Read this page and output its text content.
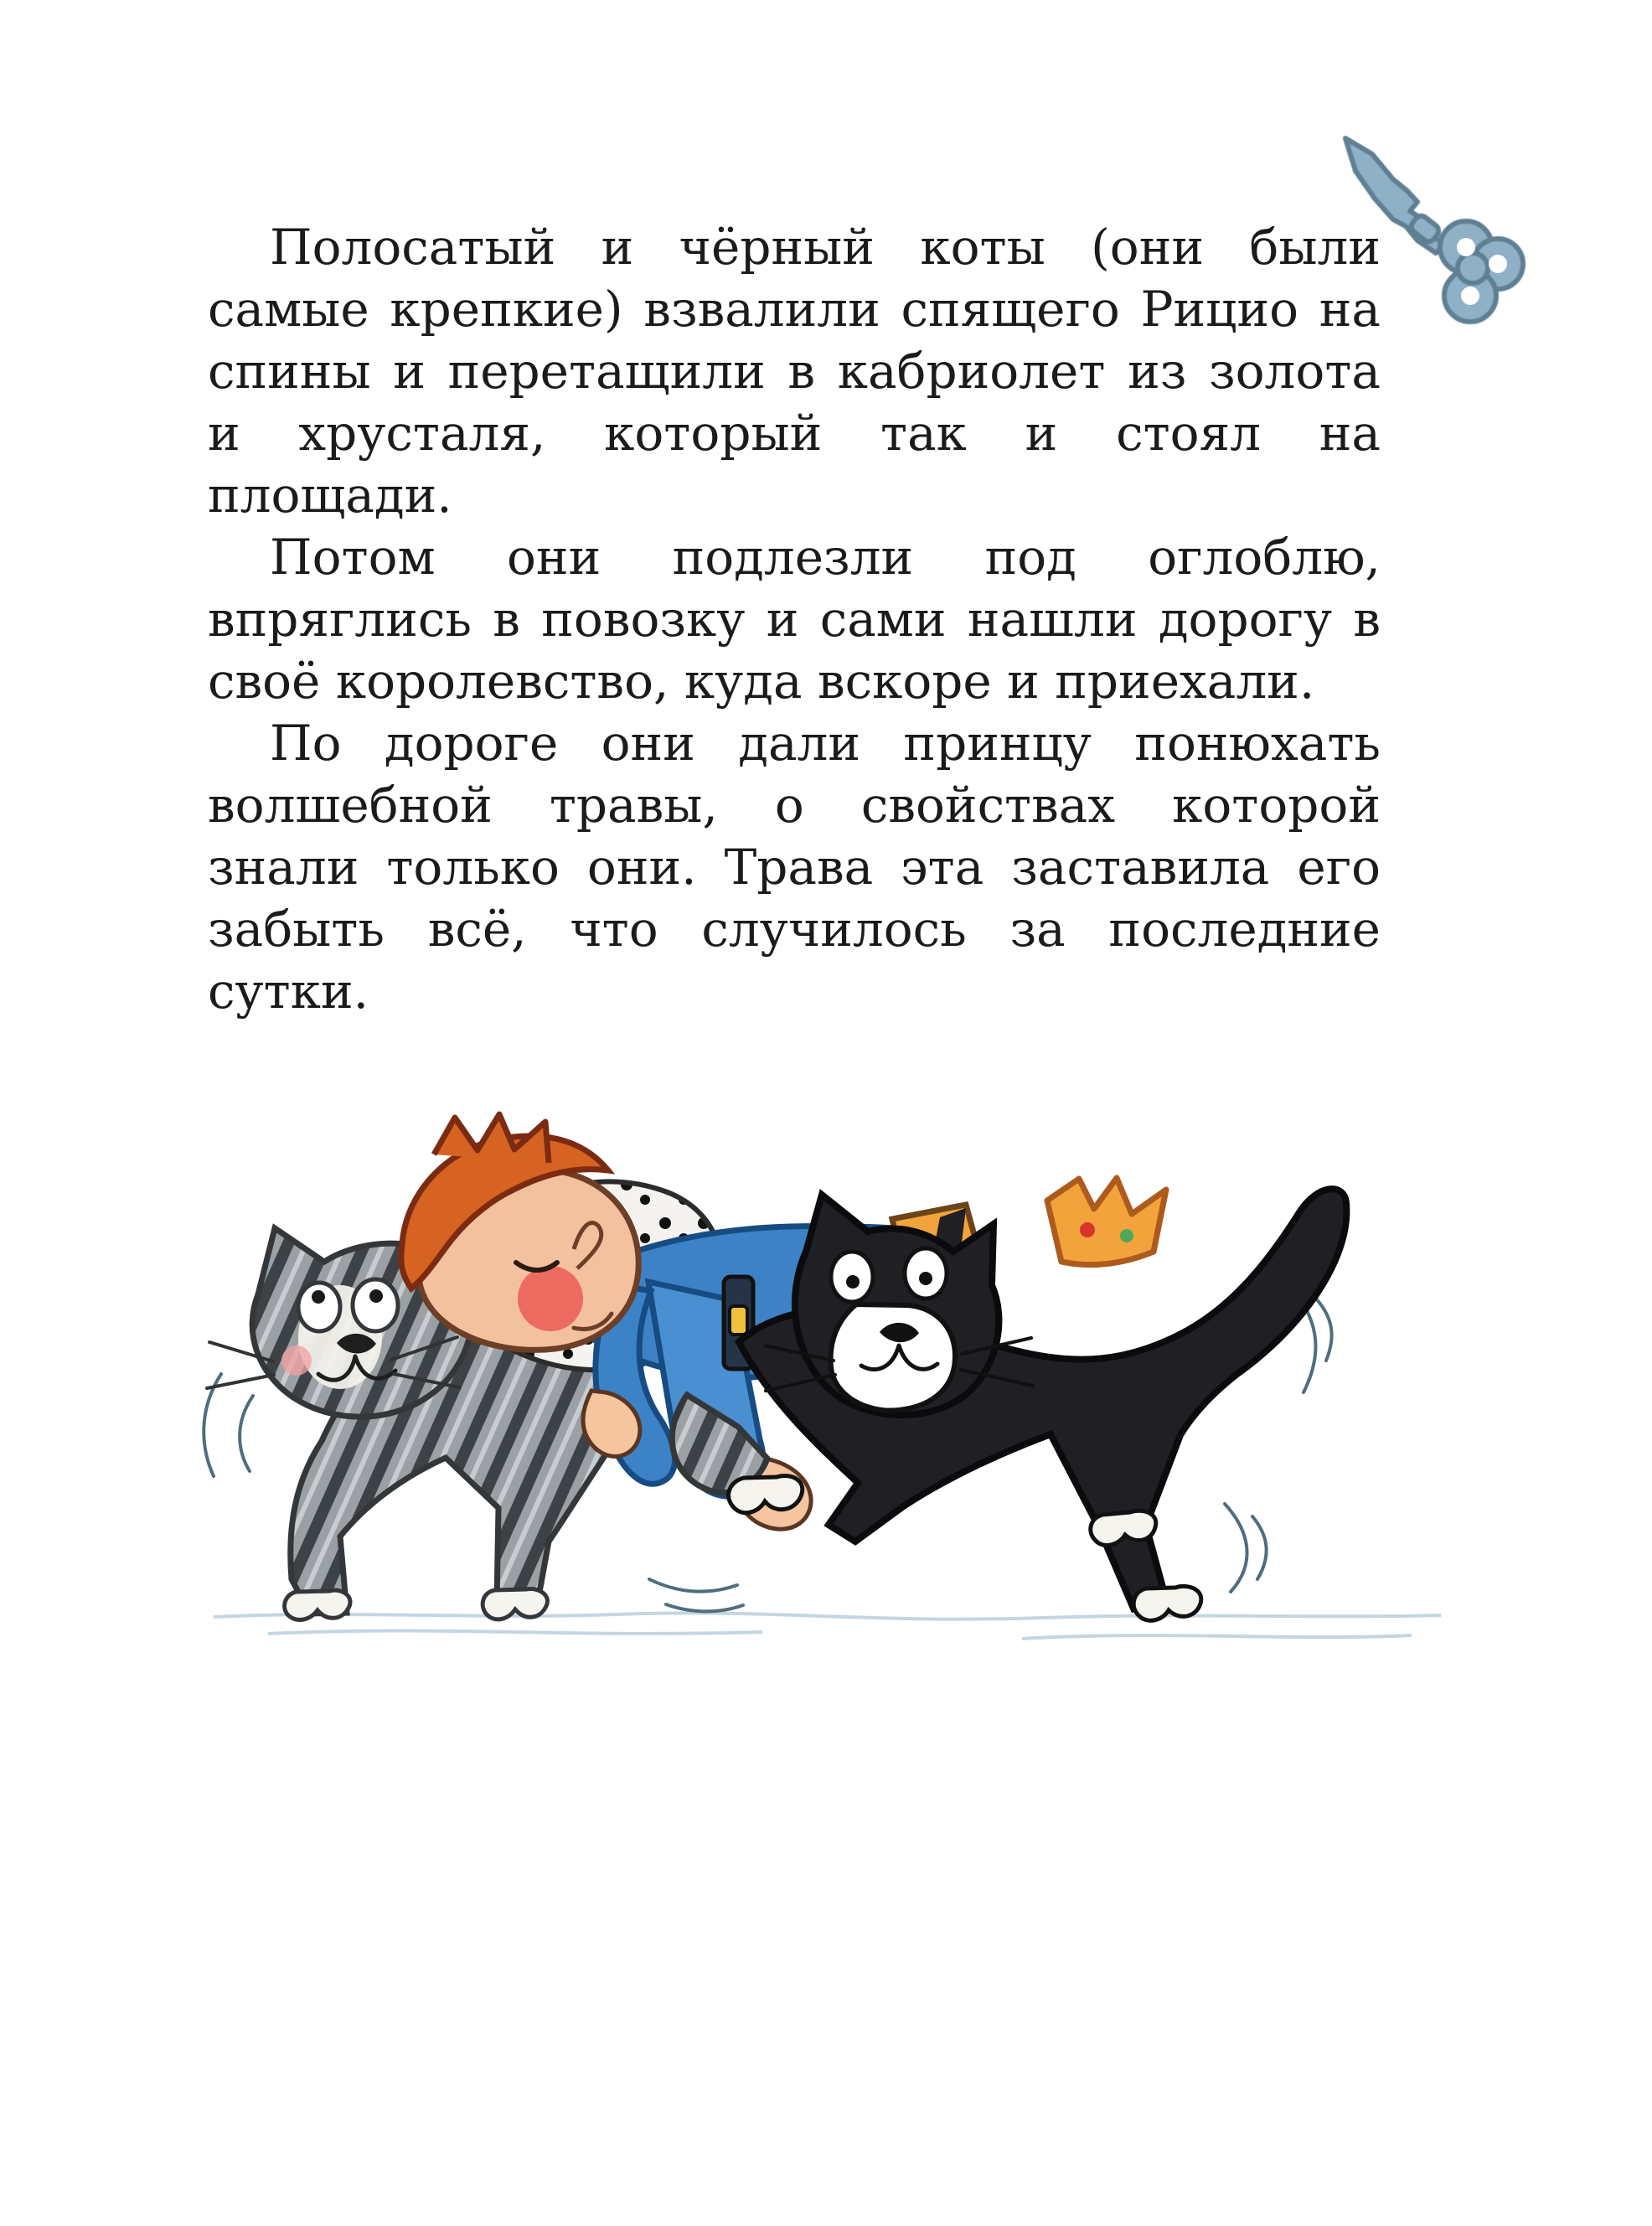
Полосатый и чёрный коты (они были самые крепкие) взвалили спящего Рицио на спины и перетащили в кабриолет из золота и хрусталя, который так и стоял на площади.

Потом они подлезли под оглоблю, впряглись в повозку и сами нашли дорогу в своё королевство, куда вскоре и приехали.

По дороге они дали принцу понюхать волшебной травы, о свойствах которой знали только они. Трава эта заставила его забыть всё, что случилось за последние сутки.
